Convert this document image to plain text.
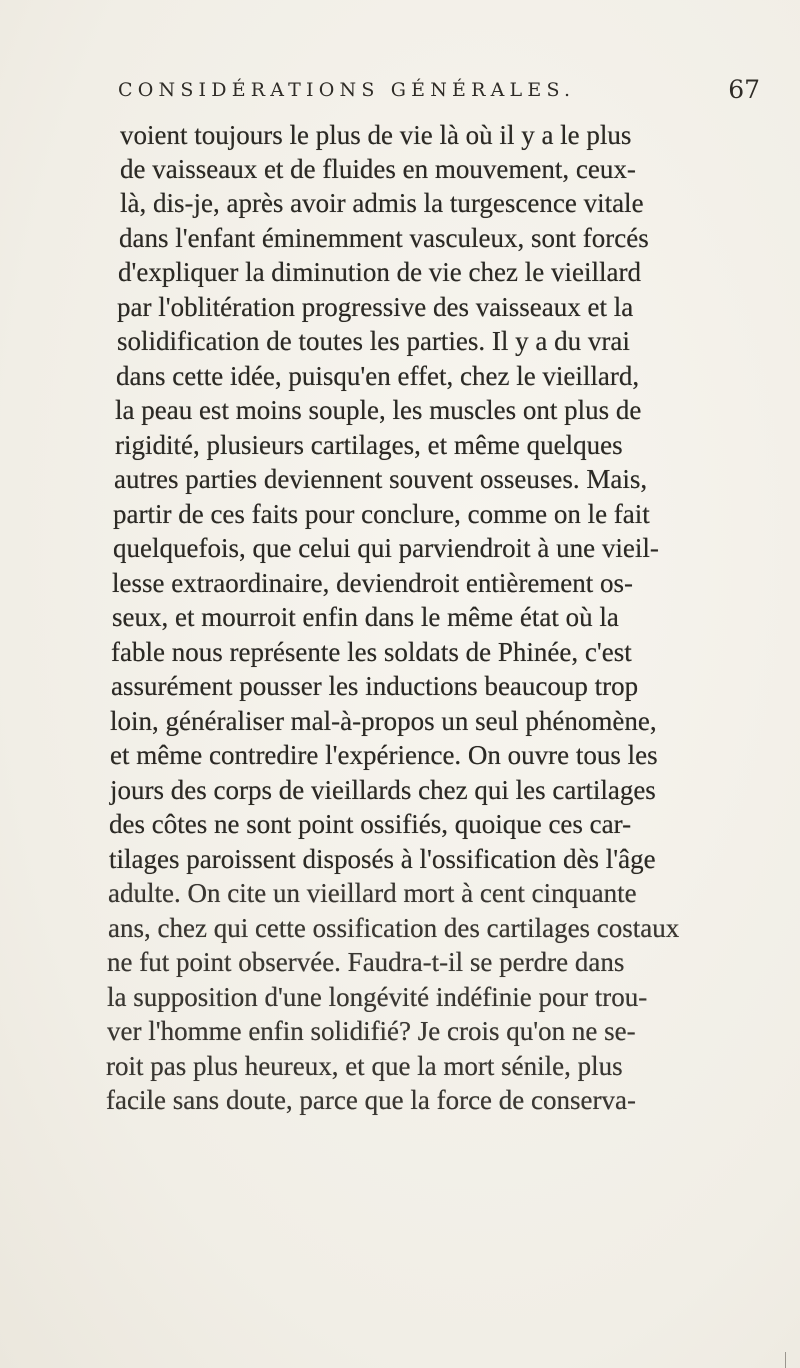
CONSIDÉRATIONS GÉNÉRALES.	67
voient toujours le plus de vie là où il y a le plus
de vaisseaux et de fluides en mouvement, ceux-
là, dis-je, après avoir admis la turgescence vitale
dans l'enfant éminemment vasculeux, sont forcés
d'expliquer la diminution de vie chez le vieillard
par l'oblitération progressive des vaisseaux et la
solidification de toutes les parties. Il y a du vrai
dans cette idée, puisqu'en effet, chez le vieillard,
la peau est moins souple, les muscles ont plus de
rigidité, plusieurs cartilages, et même quelques
autres parties deviennent souvent osseuses. Mais,
partir de ces faits pour conclure, comme on le fait
quelquefois, que celui qui parviendroit à une vieil-
lesse extraordinaire, deviendroit entièrement os-
seux, et mourroit enfin dans le même état où la
fable nous représente les soldats de Phinée, c'est
assurément pousser les inductions beaucoup trop
loin, généraliser mal-à-propos un seul phénomène,
et même contredire l'expérience. On ouvre tous les
jours des corps de vieillards chez qui les cartilages
des côtes ne sont point ossifiés, quoique ces car-
tilages paroissent disposés à l'ossification dès l'âge
adulte. On cite un vieillard mort à cent cinquante
ans, chez qui cette ossification des cartilages costaux
ne fut point observée. Faudra-t-il se perdre dans
la supposition d'une longévité indéfinie pour trou-
ver l'homme enfin solidifié? Je crois qu'on ne se-
roit pas plus heureux, et que la mort sénile, plus
facile sans doute, parce que la force de conserva-
